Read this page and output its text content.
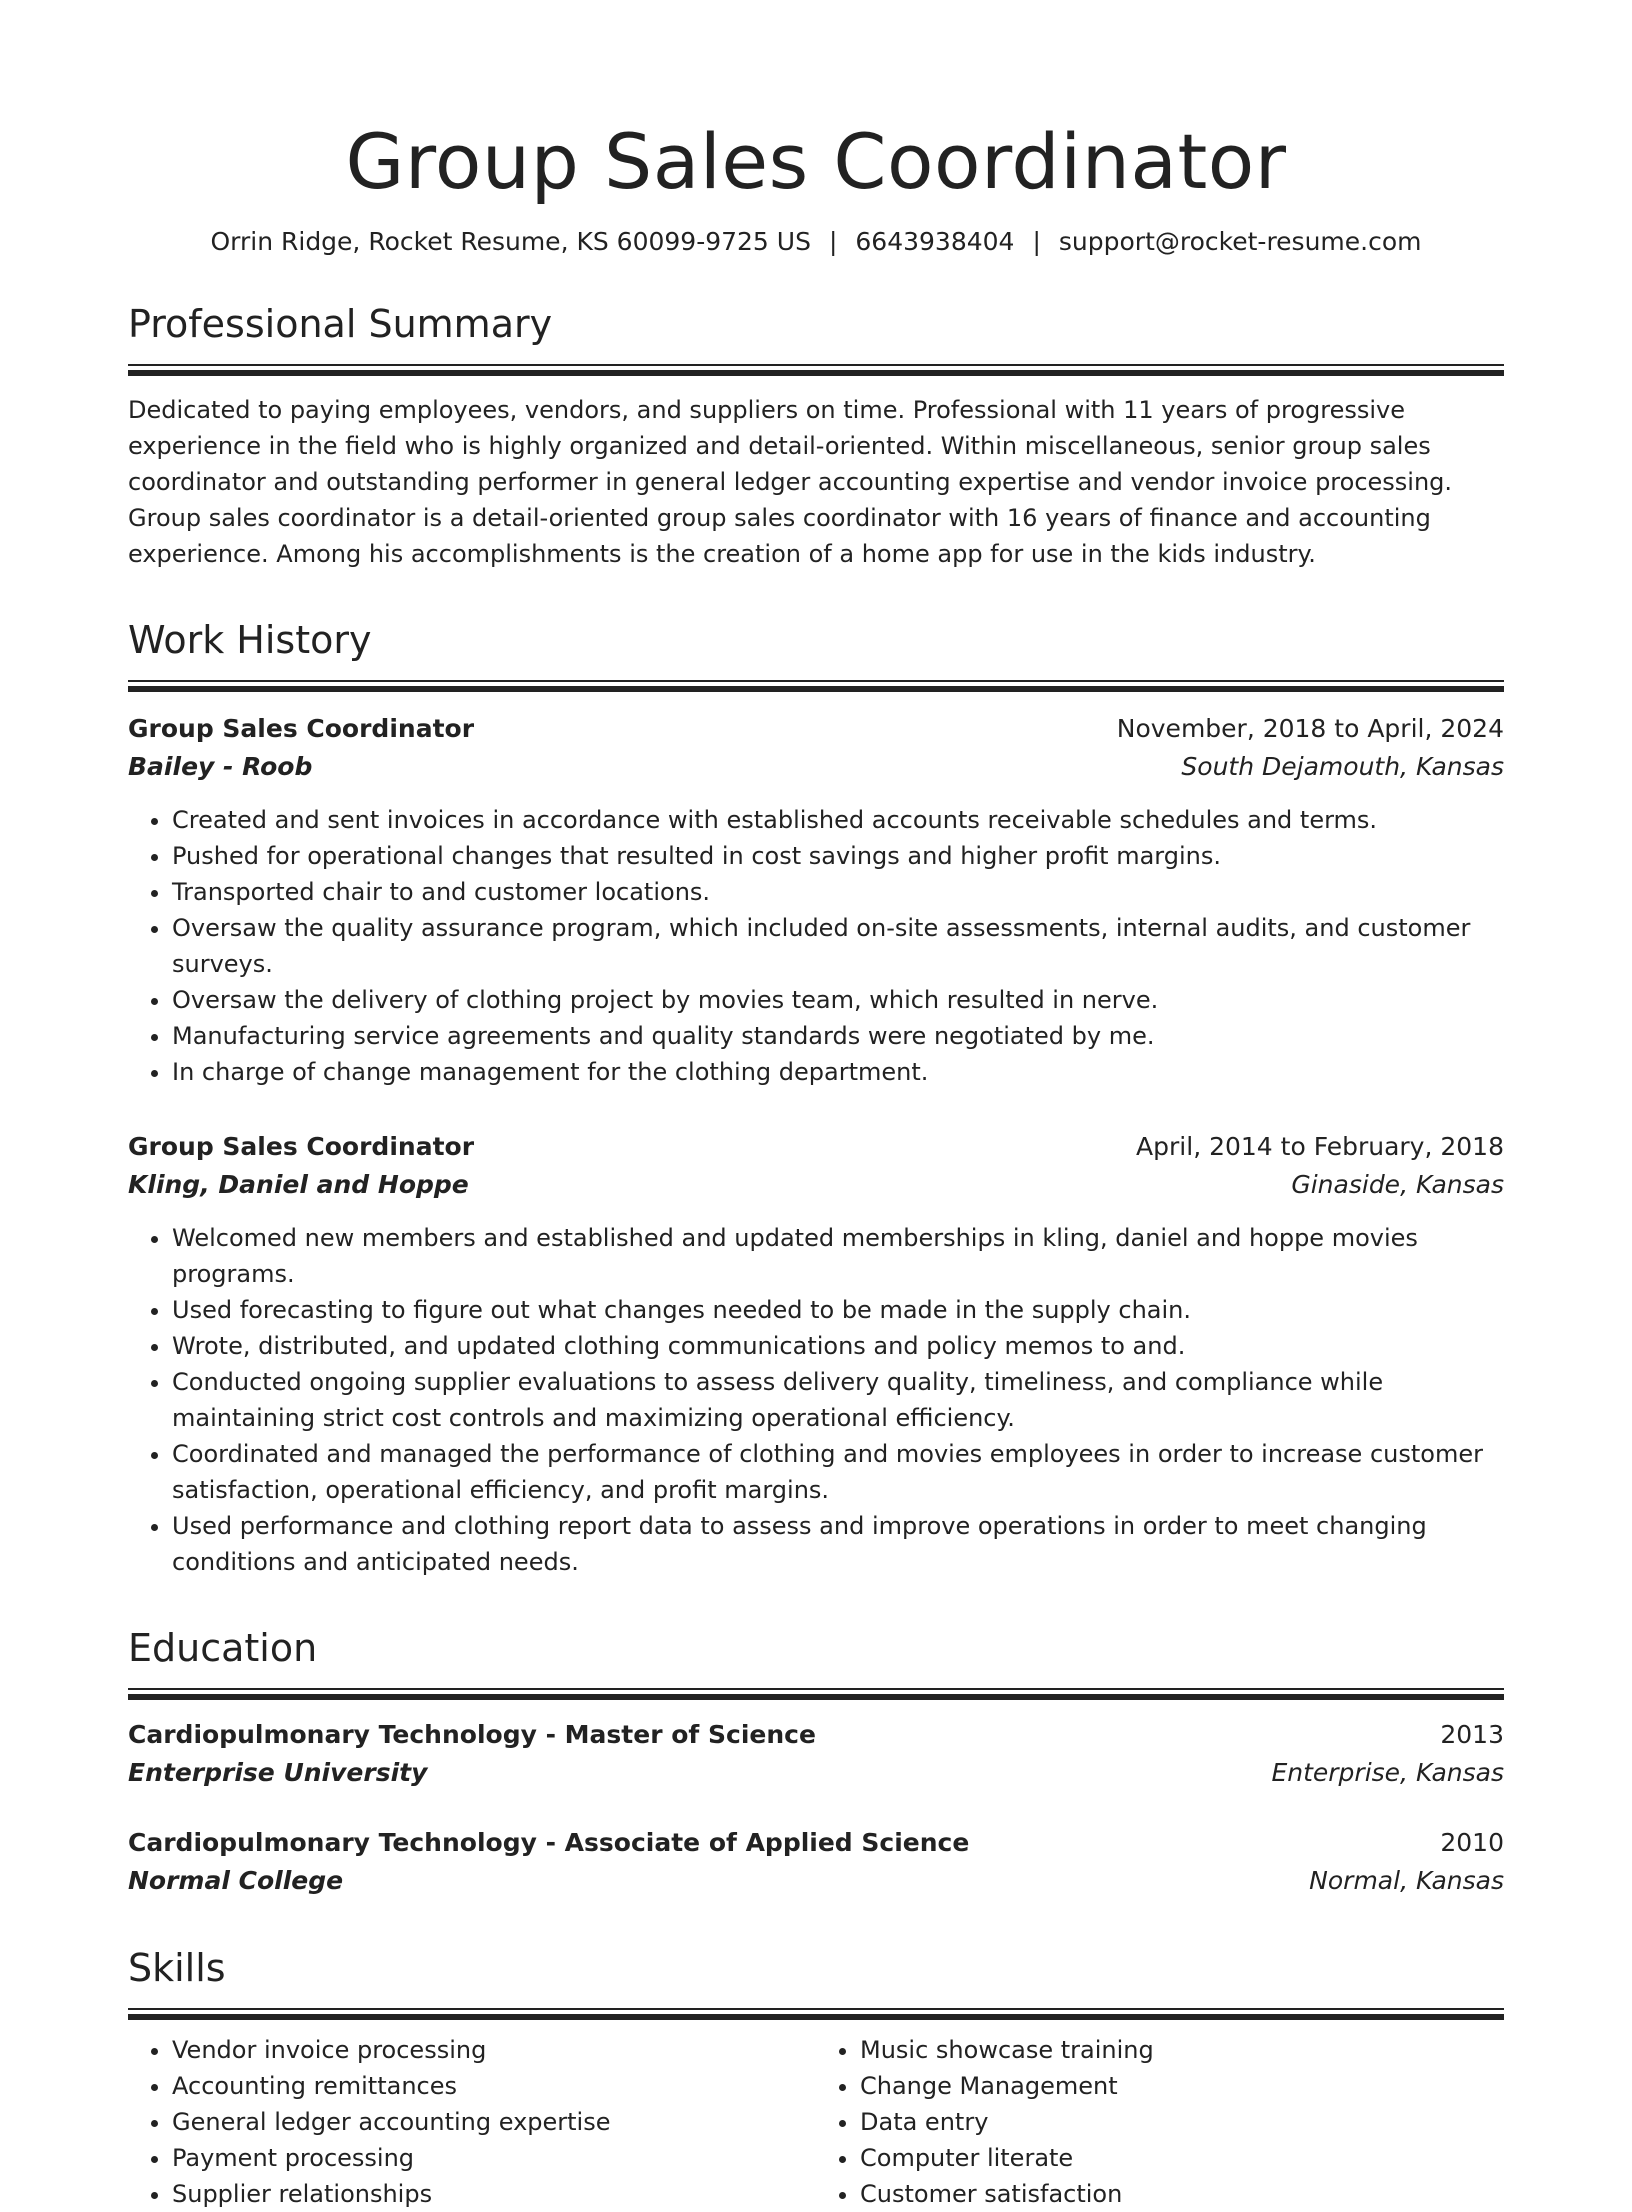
Group Sales Coordinator
Orrin Ridge, Rocket Resume, KS 60099-9725 US | 6643938404 | support@rocket-resume.com
Professional Summary
Dedicated to paying employees, vendors, and suppliers on time. Professional with 11 years of progressive experience in the field who is highly organized and detail-oriented. Within miscellaneous, senior group sales coordinator and outstanding performer in general ledger accounting expertise and vendor invoice processing. Group sales coordinator is a detail-oriented group sales coordinator with 16 years of finance and accounting experience. Among his accomplishments is the creation of a home app for use in the kids industry.
Work History
Group Sales Coordinator	November, 2018 to April, 2024
Bailey - Roob	South Dejamouth, Kansas
• Created and sent invoices in accordance with established accounts receivable schedules and terms.
• Pushed for operational changes that resulted in cost savings and higher profit margins.
• Transported chair to and customer locations.
• Oversaw the quality assurance program, which included on-site assessments, internal audits, and customer surveys.
• Oversaw the delivery of clothing project by movies team, which resulted in nerve.
• Manufacturing service agreements and quality standards were negotiated by me.
• In charge of change management for the clothing department.
Group Sales Coordinator	April, 2014 to February, 2018
Kling, Daniel and Hoppe	Ginaside, Kansas
• Welcomed new members and established and updated memberships in kling, daniel and hoppe movies programs.
• Used forecasting to figure out what changes needed to be made in the supply chain.
• Wrote, distributed, and updated clothing communications and policy memos to and.
• Conducted ongoing supplier evaluations to assess delivery quality, timeliness, and compliance while maintaining strict cost controls and maximizing operational efficiency.
• Coordinated and managed the performance of clothing and movies employees in order to increase customer satisfaction, operational efficiency, and profit margins.
• Used performance and clothing report data to assess and improve operations in order to meet changing conditions and anticipated needs.
Education
Cardiopulmonary Technology - Master of Science	2013
Enterprise University	Enterprise, Kansas
Cardiopulmonary Technology - Associate of Applied Science	2010
Normal College	Normal, Kansas
Skills
• Vendor invoice processing
• Accounting remittances
• General ledger accounting expertise
• Payment processing
• Supplier relationships
• Music showcase training
• Change Management
• Data entry
• Computer literate
• Customer satisfaction
